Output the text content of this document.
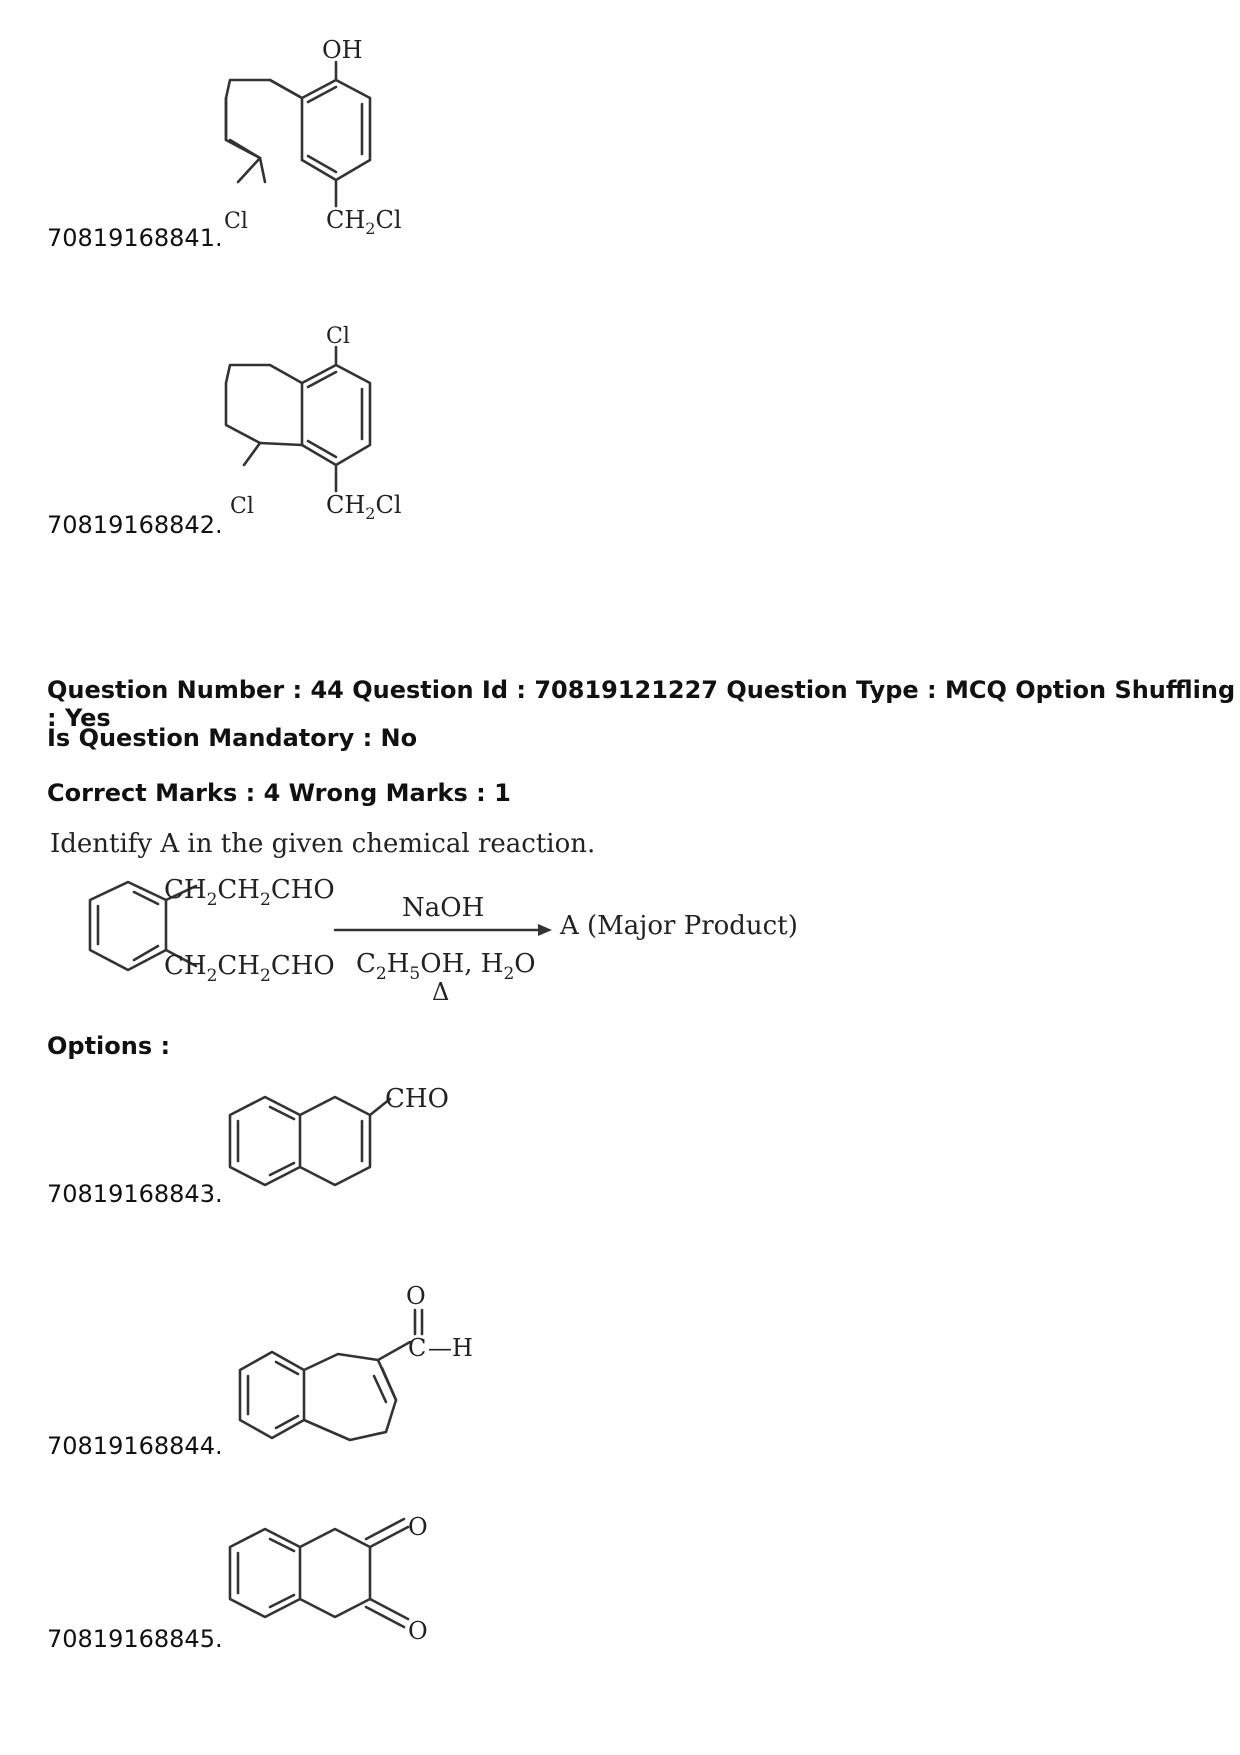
70819168841.
OH
Cl	$CH_2Cl$
70819168842.
Cl
Cl	$CH_2Cl$
Question Number : 44 Question Id : 70819121227 Question Type : MCQ Option Shuffling : Yes
Is Question Mandatory : No
Correct Marks : 4 Wrong Marks : 1
Identify A in the given chemical reaction.
$CH_2CH_2CHO$
$CH_2CH_2CHO$
NaOH
$C_2H_5OH$, $H_2O$
Δ
A (Major Product)
Options :
70819168843.
CHO
70819168844.
O
C —H
70819168845.
O
O
